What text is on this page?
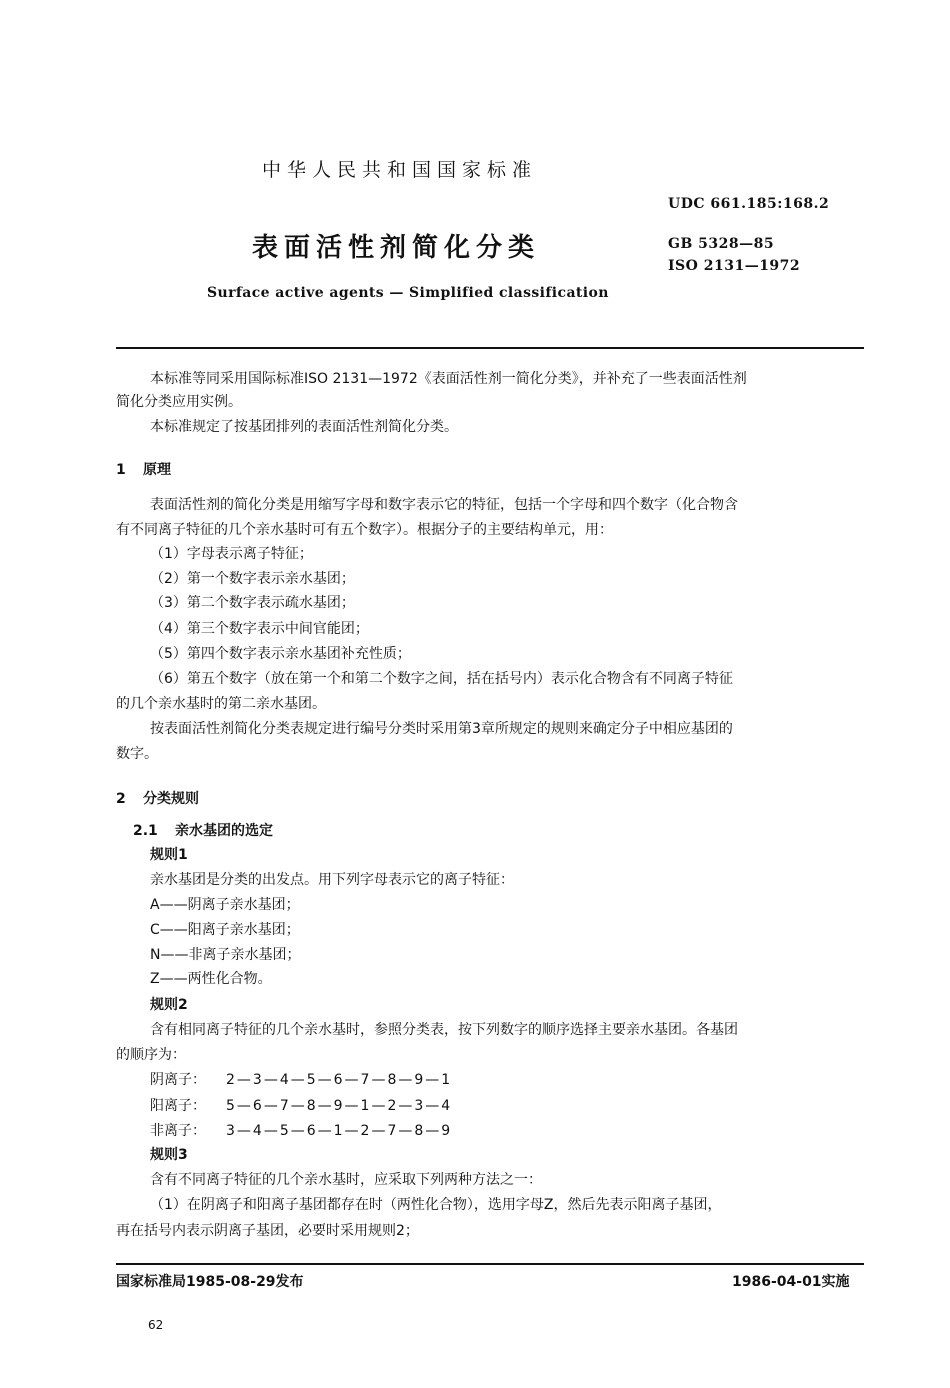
中华人民共和国国家标准
UDC 661.185:168.2
表面活性剂简化分类	GB 5328—85
ISO 2131—1972
Surface active agents — Simplified classification
本标准等同采用国际标准ISO 2131—1972《表面活性剂一简化分类》，并补充了一些表面活性剂
简化分类应用实例。
本标准规定了按基团排列的表面活性剂简化分类。
1 原理
表面活性剂的简化分类是用缩写字母和数字表示它的特征，包括一个字母和四个数字（化合物含
有不同离子特征的几个亲水基时可有五个数字）。根据分子的主要结构单元，用：
（1）字母表示离子特征；
（2）第一个数字表示亲水基团；
（3）第二个数字表示疏水基团；
（4）第三个数字表示中间官能团；
（5）第四个数字表示亲水基团补充性质；
（6）第五个数字（放在第一个和第二个数字之间，括在括号内）表示化合物含有不同离子特征
的几个亲水基时的第二亲水基团。
按表面活性剂简化分类表规定进行编号分类时采用第3章所规定的规则来确定分子中相应基团的
数字。
2 分类规则
2.1 亲水基团的选定
规则1
亲水基团是分类的出发点。用下列字母表示它的离子特征：
A——阴离子亲水基团；
C——阳离子亲水基团；
N——非离子亲水基团；
Z——两性化合物。
规则2
含有相同离子特征的几个亲水基时，参照分类表，按下列数字的顺序选择主要亲水基团。各基团
的顺序为：
阴离子： 2—3—4—5—6—7—8—9—1
阳离子： 5—6—7—8—9—1—2—3—4
非离子： 3—4—5—6—1—2—7—8—9
规则3
含有不同离子特征的几个亲水基时，应采取下列两种方法之一：
（1）在阴离子和阳离子基团都存在时（两性化合物），选用字母Z，然后先表示阳离子基团，
再在括号内表示阴离子基团，必要时采用规则2；
国家标准局1985-08-29发布	1986-04-01实施
62
